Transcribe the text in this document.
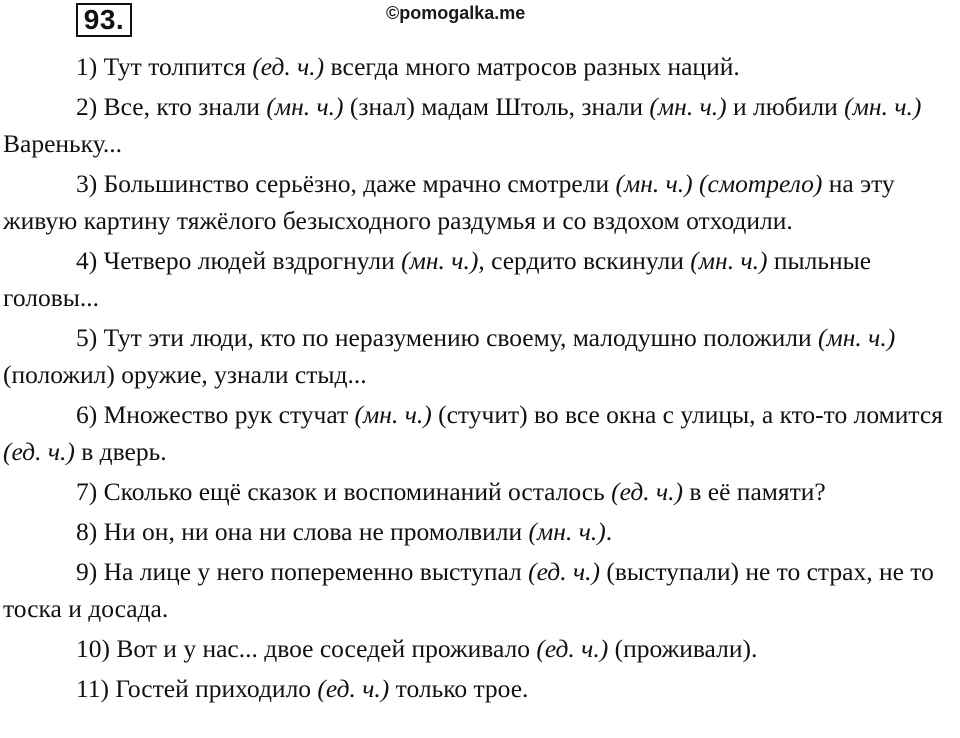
93.	©pomogalka.me

1) Тут толпится (ед. ч.) всегда много матросов разных наций.

2) Все, кто знали (мн. ч.) (знал) мадам Штоль, знали (мн. ч.) и любили (мн. ч.) Вареньку...

3) Большинство серьёзно, даже мрачно смотрели (мн. ч.) (смотрело) на эту живую картину тяжёлого безысходного раздумья и со вздохом отходили.

4) Четверо людей вздрогнули (мн. ч.), сердито вскинули (мн. ч.) пыльные головы...

5) Тут эти люди, кто по неразумению своему, малодушно положили (мн. ч.) (положил) оружие, узнали стыд...

6) Множество рук стучат (мн. ч.) (стучит) во все окна с улицы, а кто-то ломится (ед. ч.) в дверь.

7) Сколько ещё сказок и воспоминаний осталось (ед. ч.) в её памяти?

8) Ни он, ни она ни слова не промолвили (мн. ч.).

9) На лице у него попеременно выступал (ед. ч.) (выступали) не то страх, не то тоска и досада.

10) Вот и у нас... двое соседей проживало (ед. ч.) (проживали).

11) Гостей приходило (ед. ч.) только трое.
